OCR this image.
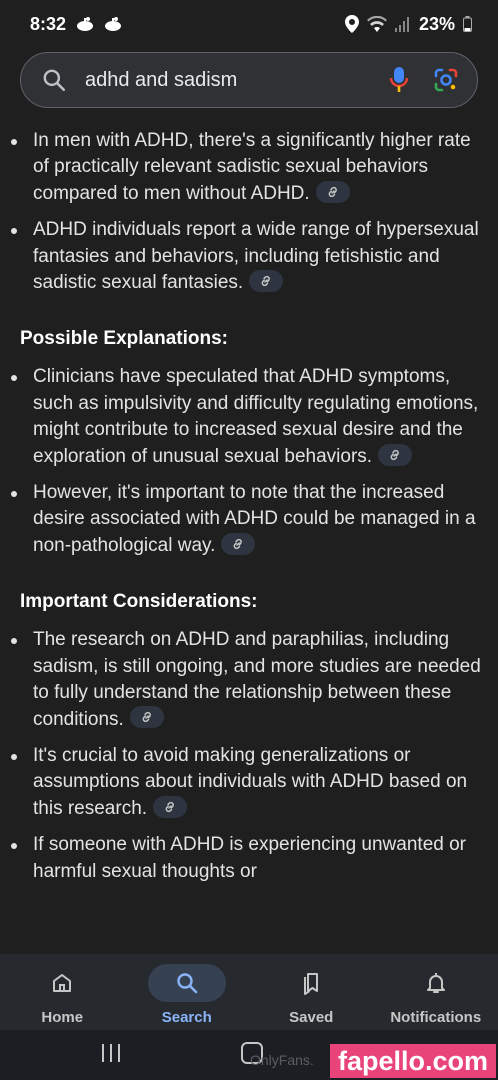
8:32	23%
adhd and sadism
In men with ADHD, there's a significantly higher rate of practically relevant sadistic sexual behaviors compared to men without ADHD.
ADHD individuals report a wide range of hypersexual fantasies and behaviors, including fetishistic and sadistic sexual fantasies.
Possible Explanations:
Clinicians have speculated that ADHD symptoms, such as impulsivity and difficulty regulating emotions, might contribute to increased sexual desire and the exploration of unusual sexual behaviors.
However, it's important to note that the increased desire associated with ADHD could be managed in a non-pathological way.
Important Considerations:
The research on ADHD and paraphilias, including sadism, is still ongoing, and more studies are needed to fully understand the relationship between these conditions.
It's crucial to avoid making generalizations or assumptions about individuals with ADHD based on this research.
If someone with ADHD is experiencing unwanted or harmful sexual thoughts or
Home	Search	Saved	Notifications
OnlyFans. fapello.com
